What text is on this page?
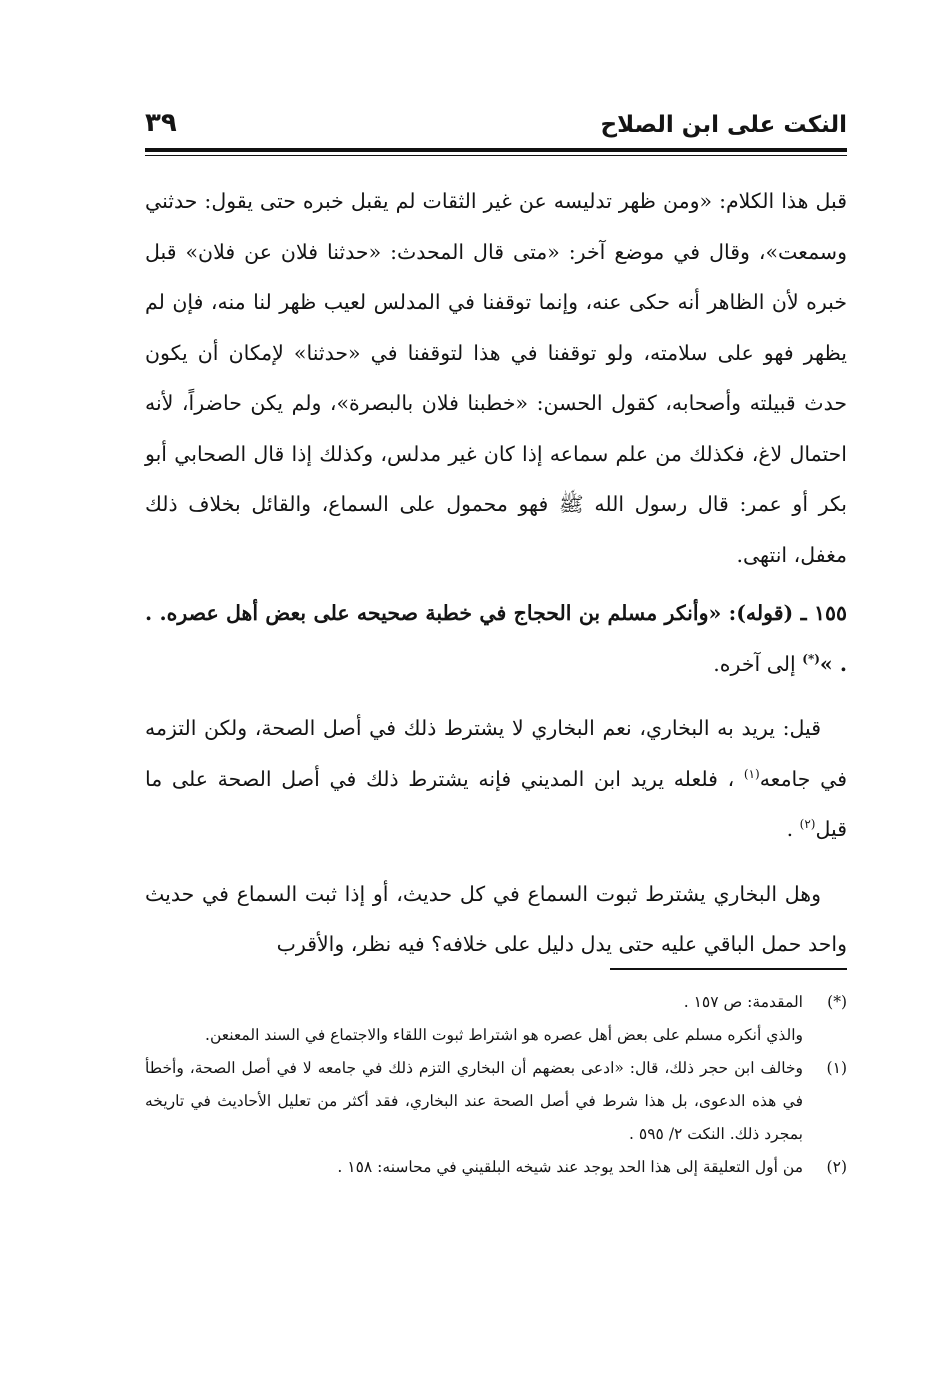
النكت على ابن الصلاح
٣٩

قبل هذا الكلام: «ومن ظهر تدليسه عن غير الثقات لم يقبل خبره حتى يقول: حدثني وسمعت»، وقال في موضع آخر: «متى قال المحدث: «حدثنا فلان عن فلان» قبل خبره لأن الظاهر أنه حكى عنه، وإنما توقفنا في المدلس لعيب ظهر لنا منه، فإن لم يظهر فهو على سلامته، ولو توقفنا في هذا لتوقفنا في «حدثنا» لإمكان أن يكون حدث قبيلته وأصحابه، كقول الحسن: «خطبنا فلان بالبصرة»، ولم يكن حاضراً، لأنه احتمال لاغ، فكذلك من علم سماعه إذا كان غير مدلس، وكذلك إذا قال الصحابي أبو بكر أو عمر: قال رسول الله ﷺ فهو محمول على السماع، والقائل بخلاف ذلك مغفل، انتهى.

١٥٥ ـ (قوله): «وأنكر مسلم بن الحجاج في خطبة صحيحه على بعض أهل عصره. . . »(*) إلى آخره.

قيل: يريد به البخاري، نعم البخاري لا يشترط ذلك في أصل الصحة، ولكن التزمه في جامعه$^{(١)}$ ، فلعله يريد ابن المديني فإنه يشترط ذلك في أصل الصحة على ما قيل$^{(٢)}$ .

وهل البخاري يشترط ثبوت السماع في كل حديث، أو إذا ثبت السماع في حديث واحد حمل الباقي عليه حتى يدل دليل على خلافه؟ فيه نظر، والأقرب

(*)
المقدمة: ص ١٥٧ .
والذي أنكره مسلم على بعض أهل عصره هو اشتراط ثبوت اللقاء والاجتماع في السند المعنعن.
(١)
وخالف ابن حجر ذلك، قال: «ادعى بعضهم أن البخاري التزم ذلك في جامعه لا في أصل الصحة، وأخطأ في هذه الدعوى، بل هذا شرط في أصل الصحة عند البخاري، فقد أكثر من تعليل الأحاديث في تاريخه بمجرد ذلك. النكت ٢/ ٥٩٥ .
(٢)
من أول التعليقة إلى هذا الحد يوجد عند شيخه البلقيني في محاسنه: ١٥٨ .
